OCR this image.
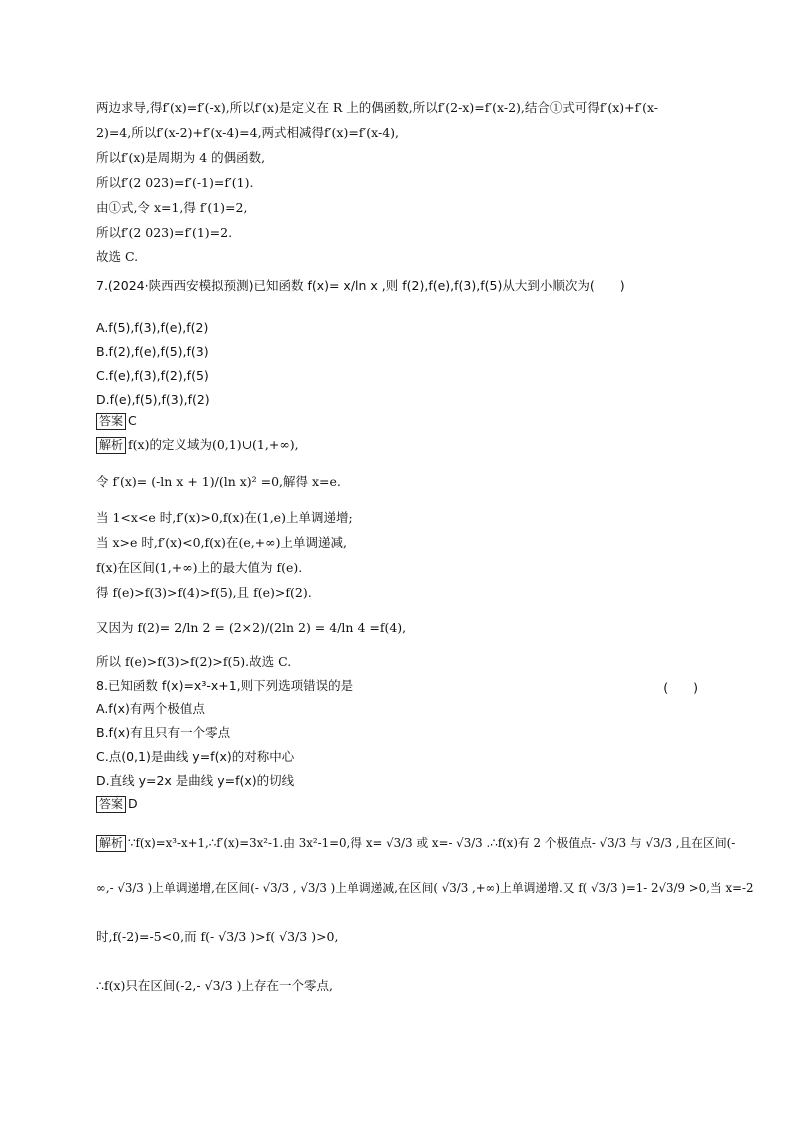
两边求导,得f′(x)=f′(-x),所以f′(x)是定义在 R 上的偶函数,所以f′(2-x)=f′(x-2),结合①式可得f′(x)+f′(x-
2)=4,所以f′(x-2)+f′(x-4)=4,两式相减得f′(x)=f′(x-4),
所以f′(x)是周期为 4 的偶函数,
所以f′(2 023)=f′(-1)=f′(1).
由①式,令 x=1,得 f′(1)=2,
所以f′(2 023)=f′(1)=2.
故选 C.
7.(2024·陕西西安模拟预测)已知函数 f(x)= x/ln x ,则 f(2),f(e),f(3),f(5)从大到小顺次为(　　)
A.f(5),f(3),f(e),f(2)
B.f(2),f(e),f(5),f(3)
C.f(e),f(3),f(2),f(5)
D.f(e),f(5),f(3),f(2)
答案 C
解析 f(x)的定义域为(0,1)∪(1,+∞),
令 f′(x)= (-ln x + 1)/(ln x)² =0,解得 x=e.
当 1<x<e 时,f′(x)>0,f(x)在(1,e)上单调递增;
当 x>e 时,f′(x)<0,f(x)在(e,+∞)上单调递减,
f(x)在区间(1,+∞)上的最大值为 f(e).
得 f(e)>f(3)>f(4)>f(5),且 f(e)>f(2).
又因为 f(2)= 2/ln 2 = (2×2)/(2ln 2) = 4/ln 4 =f(4),
所以 f(e)>f(3)>f(2)>f(5).故选 C.
8.已知函数 f(x)=x³-x+1,则下列选项错误的是	(　　)
A.f(x)有两个极值点
B.f(x)有且只有一个零点
C.点(0,1)是曲线 y=f(x)的对称中心
D.直线 y=2x 是曲线 y=f(x)的切线
答案 D
解析 ∵f(x)=x³-x+1,∴f′(x)=3x²-1.由 3x²-1=0,得 x= √3/3 或 x=- √3/3 .∴f(x)有 2 个极值点- √3/3 与 √3/3 ,且在区间(-
∞,- √3/3 )上单调递增,在区间(- √3/3 , √3/3 )上单调递减,在区间( √3/3 ,+∞)上单调递增.又 f( √3/3 )=1- 2√3/9 >0,当 x=-2
时,f(-2)=-5<0,而 f(- √3/3 )>f( √3/3 )>0,
∴f(x)只在区间(-2,- √3/3 )上存在一个零点,
